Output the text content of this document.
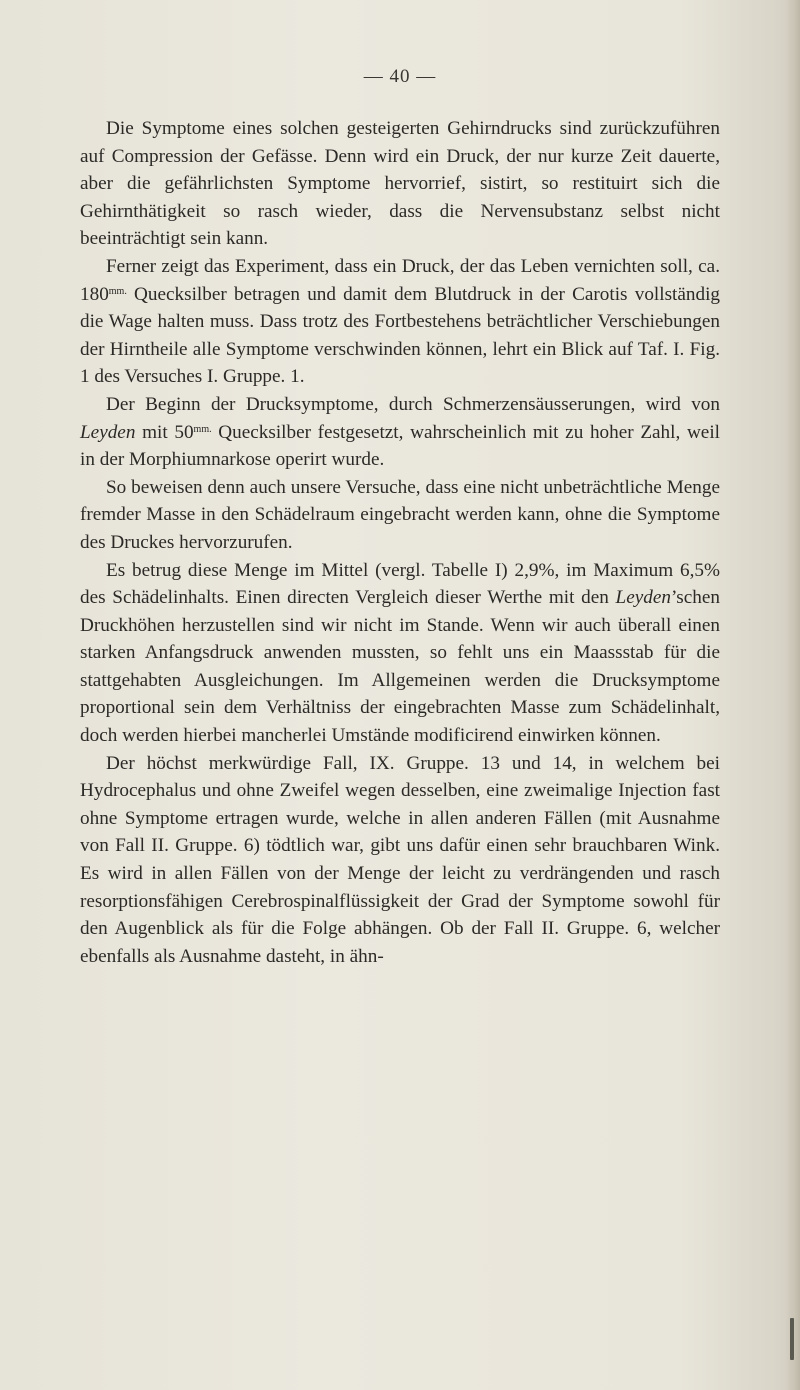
— 40 —

Die Symptome eines solchen gesteigerten Gehirndrucks sind zurückzuführen auf Compression der Gefässe. Denn wird ein Druck, der nur kurze Zeit dauerte, aber die gefährlichsten Symptome hervorrief, sistirt, so restituirt sich die Gehirnthätigkeit so rasch wieder, dass die Nervensubstanz selbst nicht beeinträchtigt sein kann.

Ferner zeigt das Experiment, dass ein Druck, der das Leben vernichten soll, ca. $180^{mm.}$ Quecksilber betragen und damit dem Blutdruck in der Carotis vollständig die Wage halten muss. Dass trotz des Fortbestehens beträchtlicher Verschiebungen der Hirntheile alle Symptome verschwinden können, lehrt ein Blick auf Taf. I. Fig. 1 des Versuches I. Gruppe. 1.

Der Beginn der Drucksymptome, durch Schmerzensäusserungen, wird von Leyden mit $50^{mm.}$ Quecksilber festgesetzt, wahrscheinlich mit zu hoher Zahl, weil in der Morphiumnarkose operirt wurde.

So beweisen denn auch unsere Versuche, dass eine nicht unbeträchtliche Menge fremder Masse in den Schädelraum eingebracht werden kann, ohne die Symptome des Druckes hervorzurufen.

Es betrug diese Menge im Mittel (vergl. Tabelle I) 2,9%, im Maximum 6,5% des Schädelinhalts. Einen directen Vergleich dieser Werthe mit den Leyden’schen Druckhöhen herzustellen sind wir nicht im Stande. Wenn wir auch überall einen starken Anfangsdruck anwenden mussten, so fehlt uns ein Maassstab für die stattgehabten Ausgleichungen. Im Allgemeinen werden die Drucksymptome proportional sein dem Verhältniss der eingebrachten Masse zum Schädelinhalt, doch werden hierbei mancherlei Umstände modificirend einwirken können.

Der höchst merkwürdige Fall, IX. Gruppe. 13 und 14, in welchem bei Hydrocephalus und ohne Zweifel wegen desselben, eine zweimalige Injection fast ohne Symptome ertragen wurde, welche in allen anderen Fällen (mit Ausnahme von Fall II. Gruppe. 6) tödtlich war, gibt uns dafür einen sehr brauchbaren Wink. Es wird in allen Fällen von der Menge der leicht zu verdrängenden und rasch resorptionsfähigen Cerebrospinalflüssigkeit der Grad der Symptome sowohl für den Augenblick als für die Folge abhängen. Ob der Fall II. Gruppe. 6, welcher ebenfalls als Ausnahme dasteht, in ähn-
